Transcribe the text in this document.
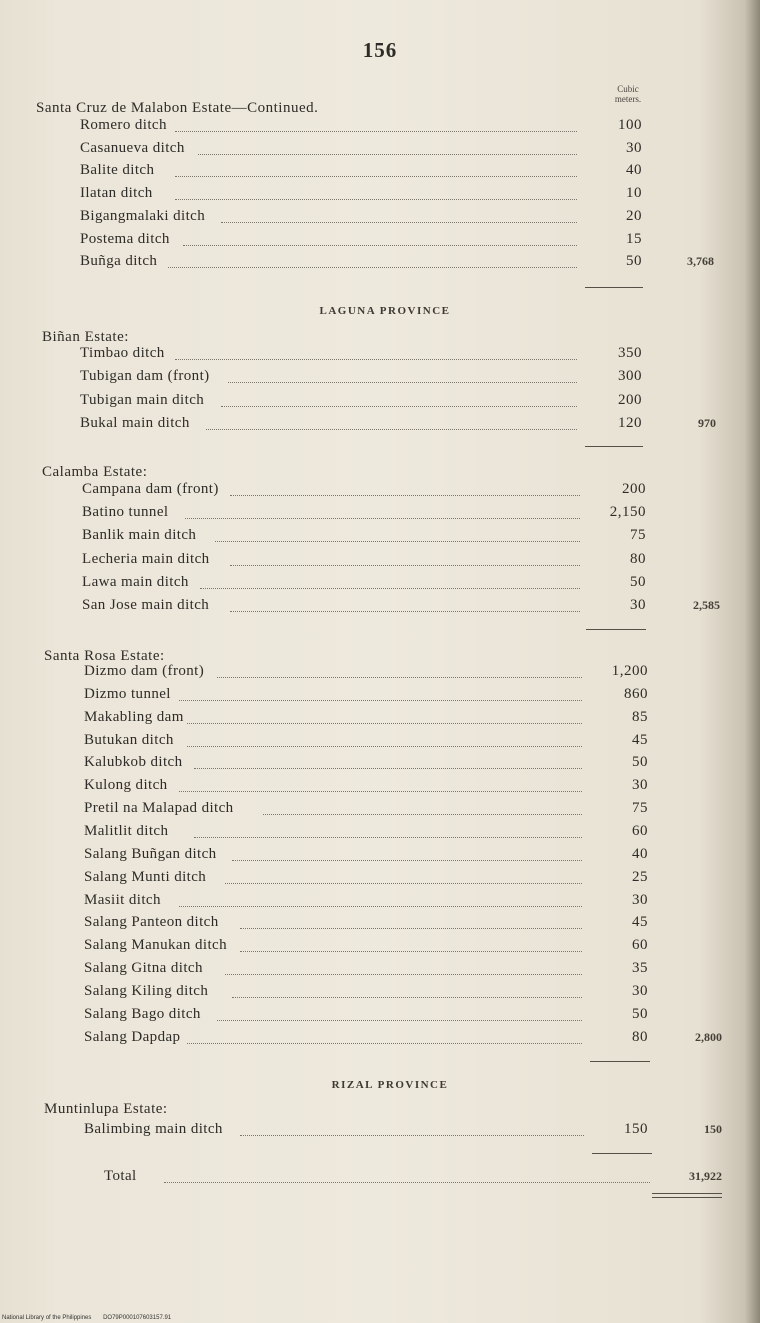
156
Cubic
meters.
Santa Cruz de Malabon Estate—Continued.
Romero ditch	100
Casanueva ditch	30
Balite ditch	40
Ilatan ditch	10
Bigangmalaki ditch	20
Postema ditch	15
Buñga ditch	50	3,768
LAGUNA PROVINCE
Biñan Estate:
Timbao ditch	350
Tubigan dam (front)	300
Tubigan main ditch	200
Bukal main ditch	120	970
Calamba Estate:
Campana dam (front)	200
Batino tunnel	2,150
Banlik main ditch	75
Lecheria main ditch	80
Lawa main ditch	50
San Jose main ditch	30	2,585
Santa Rosa Estate:
Dizmo dam (front)	1,200
Dizmo tunnel	860
Makabling dam	85
Butukan ditch	45
Kalubkob ditch	50
Kulong ditch	30
Pretil na Malapad ditch	75
Malitlit ditch	60
Salang Buñgan ditch	40
Salang Munti ditch	25
Masiit ditch	30
Salang Panteon ditch	45
Salang Manukan ditch	60
Salang Gitna ditch	35
Salang Kiling ditch	30
Salang Bago ditch	50
Salang Dapdap	80	2,800
RIZAL PROVINCE
Muntinlupa Estate:
Balimbing main ditch	150	150
Total	31,922
National Library of the Philippines DO79P000107603157.91
